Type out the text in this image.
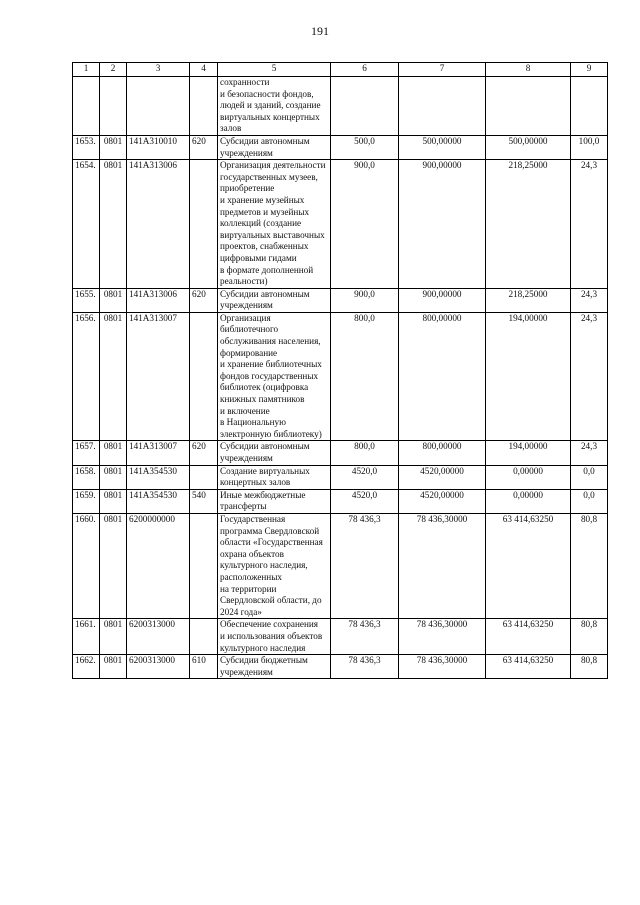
191
1	2	3	4	5	6	7	8	9
				сохранности
и безопасности фондов, людей и зданий, создание виртуальных концертных залов				
1653.	0801	141A310010	620	Субсидии автономным учреждениям	500,0	500,00000	500,00000	100,0
1654.	0801	141A313006		Организация деятельности государственных музеев, приобретение
и хранение музейных предметов и музейных коллекций (создание виртуальных выставочных проектов, снабженных цифровыми гидами
в формате дополненной реальности)	900,0	900,00000	218,25000	24,3
1655.	0801	141A313006	620	Субсидии автономным учреждениям	900,0	900,00000	218,25000	24,3
1656.	0801	141A313007		Организация библиотечного обслуживания населения, формирование
и хранение библиотечных фондов государственных библиотек (оцифровка книжных памятников
и включение
в Национальную электронную библиотеку)	800,0	800,00000	194,00000	24,3
1657.	0801	141A313007	620	Субсидии автономным учреждениям	800,0	800,00000	194,00000	24,3
1658.	0801	141A354530		Создание виртуальных концертных залов	4520,0	4520,00000	0,00000	0,0
1659.	0801	141A354530	540	Иные межбюджетные трансферты	4520,0	4520,00000	0,00000	0,0
1660.	0801	6200000000		Государственная программа Свердловской области «Государственная охрана объектов культурного наследия, расположенных
на территории Свердловской области, до 2024 года»	78 436,3	78 436,30000	63 414,63250	80,8
1661.	0801	6200313000		Обеспечение сохранения
и использования объектов культурного наследия	78 436,3	78 436,30000	63 414,63250	80,8
1662.	0801	6200313000	610	Субсидии бюджетным учреждениям	78 436,3	78 436,30000	63 414,63250	80,8
